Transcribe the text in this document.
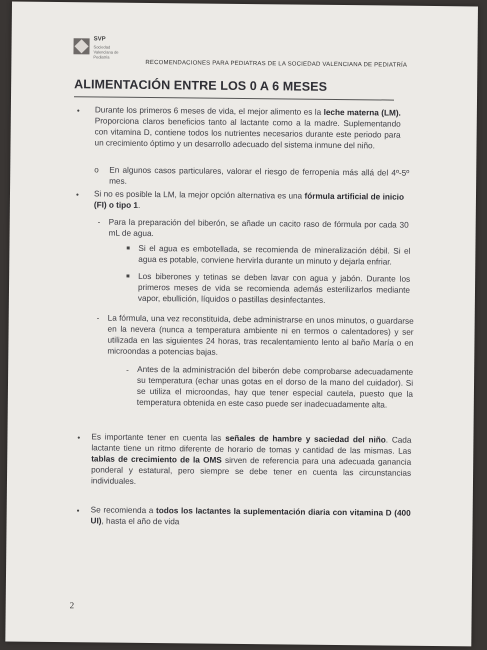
SVP
Sociedad Valenciana de Pediatría
RECOMENDACIONES PARA PEDIATRAS DE LA SOCIEDAD VALENCIANA DE PEDIATRÍA
ALIMENTACIÓN ENTRE LOS 0 A 6 MESES
• Durante los primeros 6 meses de vida, el mejor alimento es la leche materna (LM). Proporciona claros beneficios tanto al lactante como a la madre. Suplementando con vitamina D, contiene todos los nutrientes necesarios durante este periodo para un crecimiento óptimo y un desarrollo adecuado del sistema inmune del niño.
o En algunos casos particulares, valorar el riesgo de ferropenia más allá del 4º-5º mes.
• Si no es posible la LM, la mejor opción alternativa es una fórmula artificial de inicio (FI) o tipo 1.
- Para la preparación del biberón, se añade un cacito raso de fórmula por cada 30 mL de agua.
■ Si el agua es embotellada, se recomienda de mineralización débil. Si el agua es potable, conviene hervirla durante un minuto y dejarla enfriar.
■ Los biberones y tetinas se deben lavar con agua y jabón. Durante los primeros meses de vida se recomienda además esterilizarlos mediante vapor, ebullición, líquidos o pastillas desinfectantes.
- La fórmula, una vez reconstituida, debe administrarse en unos minutos, o guardarse en la nevera (nunca a temperatura ambiente ni en termos o calentadores) y ser utilizada en las siguientes 24 horas, tras recalentamiento lento al baño María o en microondas a potencias bajas.
- Antes de la administración del biberón debe comprobarse adecuadamente su temperatura (echar unas gotas en el dorso de la mano del cuidador). Si se utiliza el microondas, hay que tener especial cautela, puesto que la temperatura obtenida en este caso puede ser inadecuadamente alta.
• Es importante tener en cuenta las señales de hambre y saciedad del niño. Cada lactante tiene un ritmo diferente de horario de tomas y cantidad de las mismas. Las tablas de crecimiento de la OMS sirven de referencia para una adecuada ganancia ponderal y estatural, pero siempre se debe tener en cuenta las circunstancias individuales.
• Se recomienda a todos los lactantes la suplementación diaria con vitamina D (400 UI), hasta el año de vida
2
